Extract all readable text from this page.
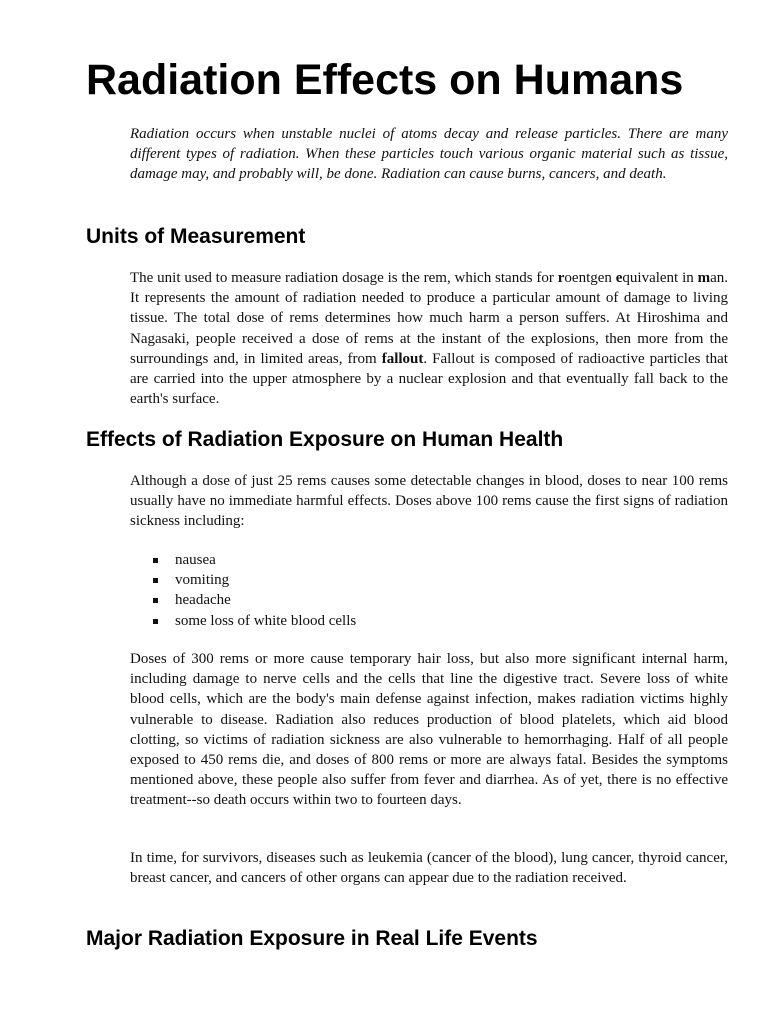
Radiation Effects on Humans

Radiation occurs when unstable nuclei of atoms decay and release particles. There are many different types of radiation. When these particles touch various organic material such as tissue, damage may, and probably will, be done. Radiation can cause burns, cancers, and death.

Units of Measurement

The unit used to measure radiation dosage is the rem, which stands for roentgen equivalent in man. It represents the amount of radiation needed to produce a particular amount of damage to living tissue. The total dose of rems determines how much harm a person suffers. At Hiroshima and Nagasaki, people received a dose of rems at the instant of the explosions, then more from the surroundings and, in limited areas, from fallout. Fallout is composed of radioactive particles that are carried into the upper atmosphere by a nuclear explosion and that eventually fall back to the earth's surface.

Effects of Radiation Exposure on Human Health

Although a dose of just 25 rems causes some detectable changes in blood, doses to near 100 rems usually have no immediate harmful effects. Doses above 100 rems cause the first signs of radiation sickness including:

nausea
vomiting
headache
some loss of white blood cells

Doses of 300 rems or more cause temporary hair loss, but also more significant internal harm, including damage to nerve cells and the cells that line the digestive tract. Severe loss of white blood cells, which are the body's main defense against infection, makes radiation victims highly vulnerable to disease. Radiation also reduces production of blood platelets, which aid blood clotting, so victims of radiation sickness are also vulnerable to hemorrhaging. Half of all people exposed to 450 rems die, and doses of 800 rems or more are always fatal. Besides the symptoms mentioned above, these people also suffer from fever and diarrhea. As of yet, there is no effective treatment--so death occurs within two to fourteen days.

In time, for survivors, diseases such as leukemia (cancer of the blood), lung cancer, thyroid cancer, breast cancer, and cancers of other organs can appear due to the radiation received.

Major Radiation Exposure in Real Life Events
